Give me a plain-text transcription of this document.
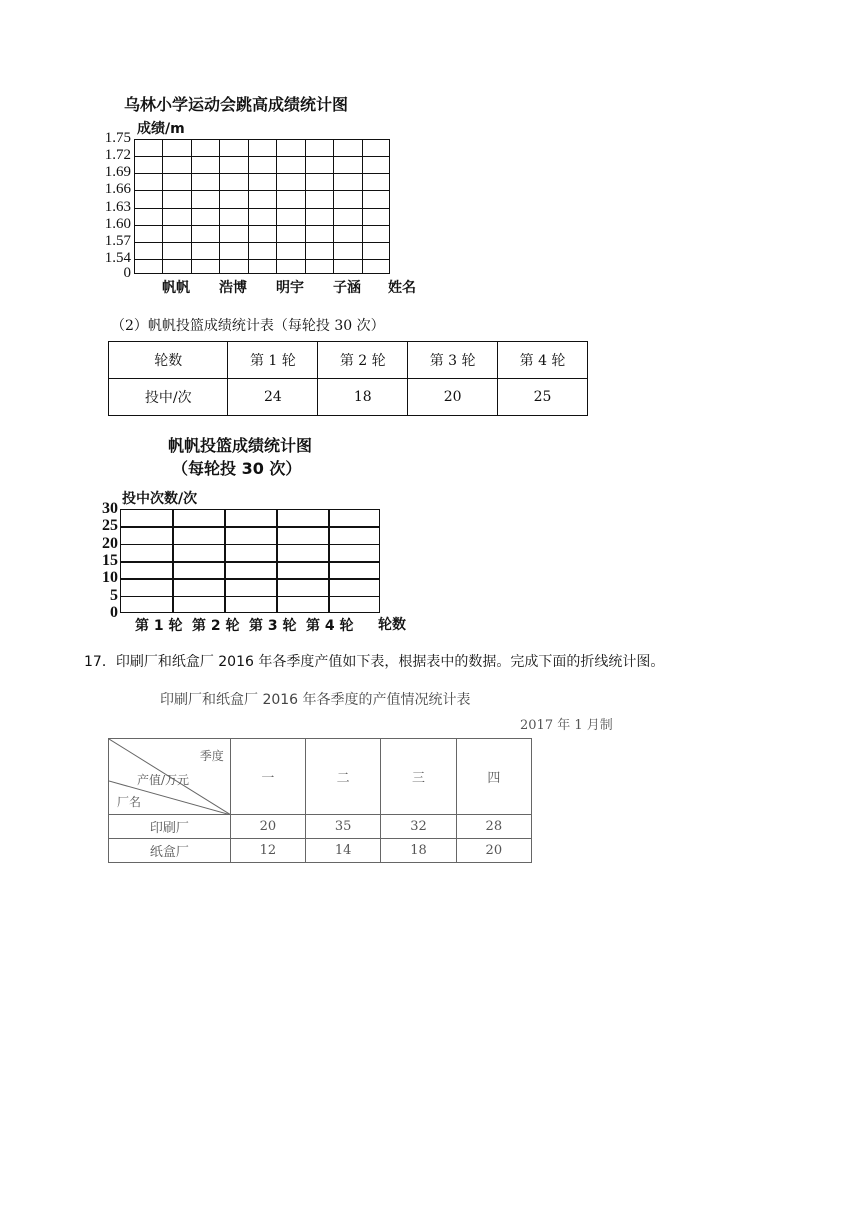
乌林小学运动会跳高成绩统计图
成绩/m
1.75
1.72
1.69
1.66
1.63
1.60
1.57
1.54
0
帆帆 浩博 明宇 子涵 姓名
（2）帆帆投篮成绩统计表（每轮投 30 次）
轮数	第 1 轮	第 2 轮	第 3 轮	第 4 轮
投中/次	24	18	20	25
帆帆投篮成绩统计图
（每轮投 30 次）
投中次数/次
30
25
20
15
10
5
0
第 1 轮 第 2 轮 第 3 轮 第 4 轮 轮数
17．印刷厂和纸盒厂 2016 年各季度产值如下表，根据表中的数据。完成下面的折线统计图。
印刷厂和纸盒厂 2016 年各季度的产值情况统计表
2017 年 1 月制
季度
产值/万元
厂名	一	二	三	四
印刷厂	20	35	32	28
纸盒厂	12	14	18	20
